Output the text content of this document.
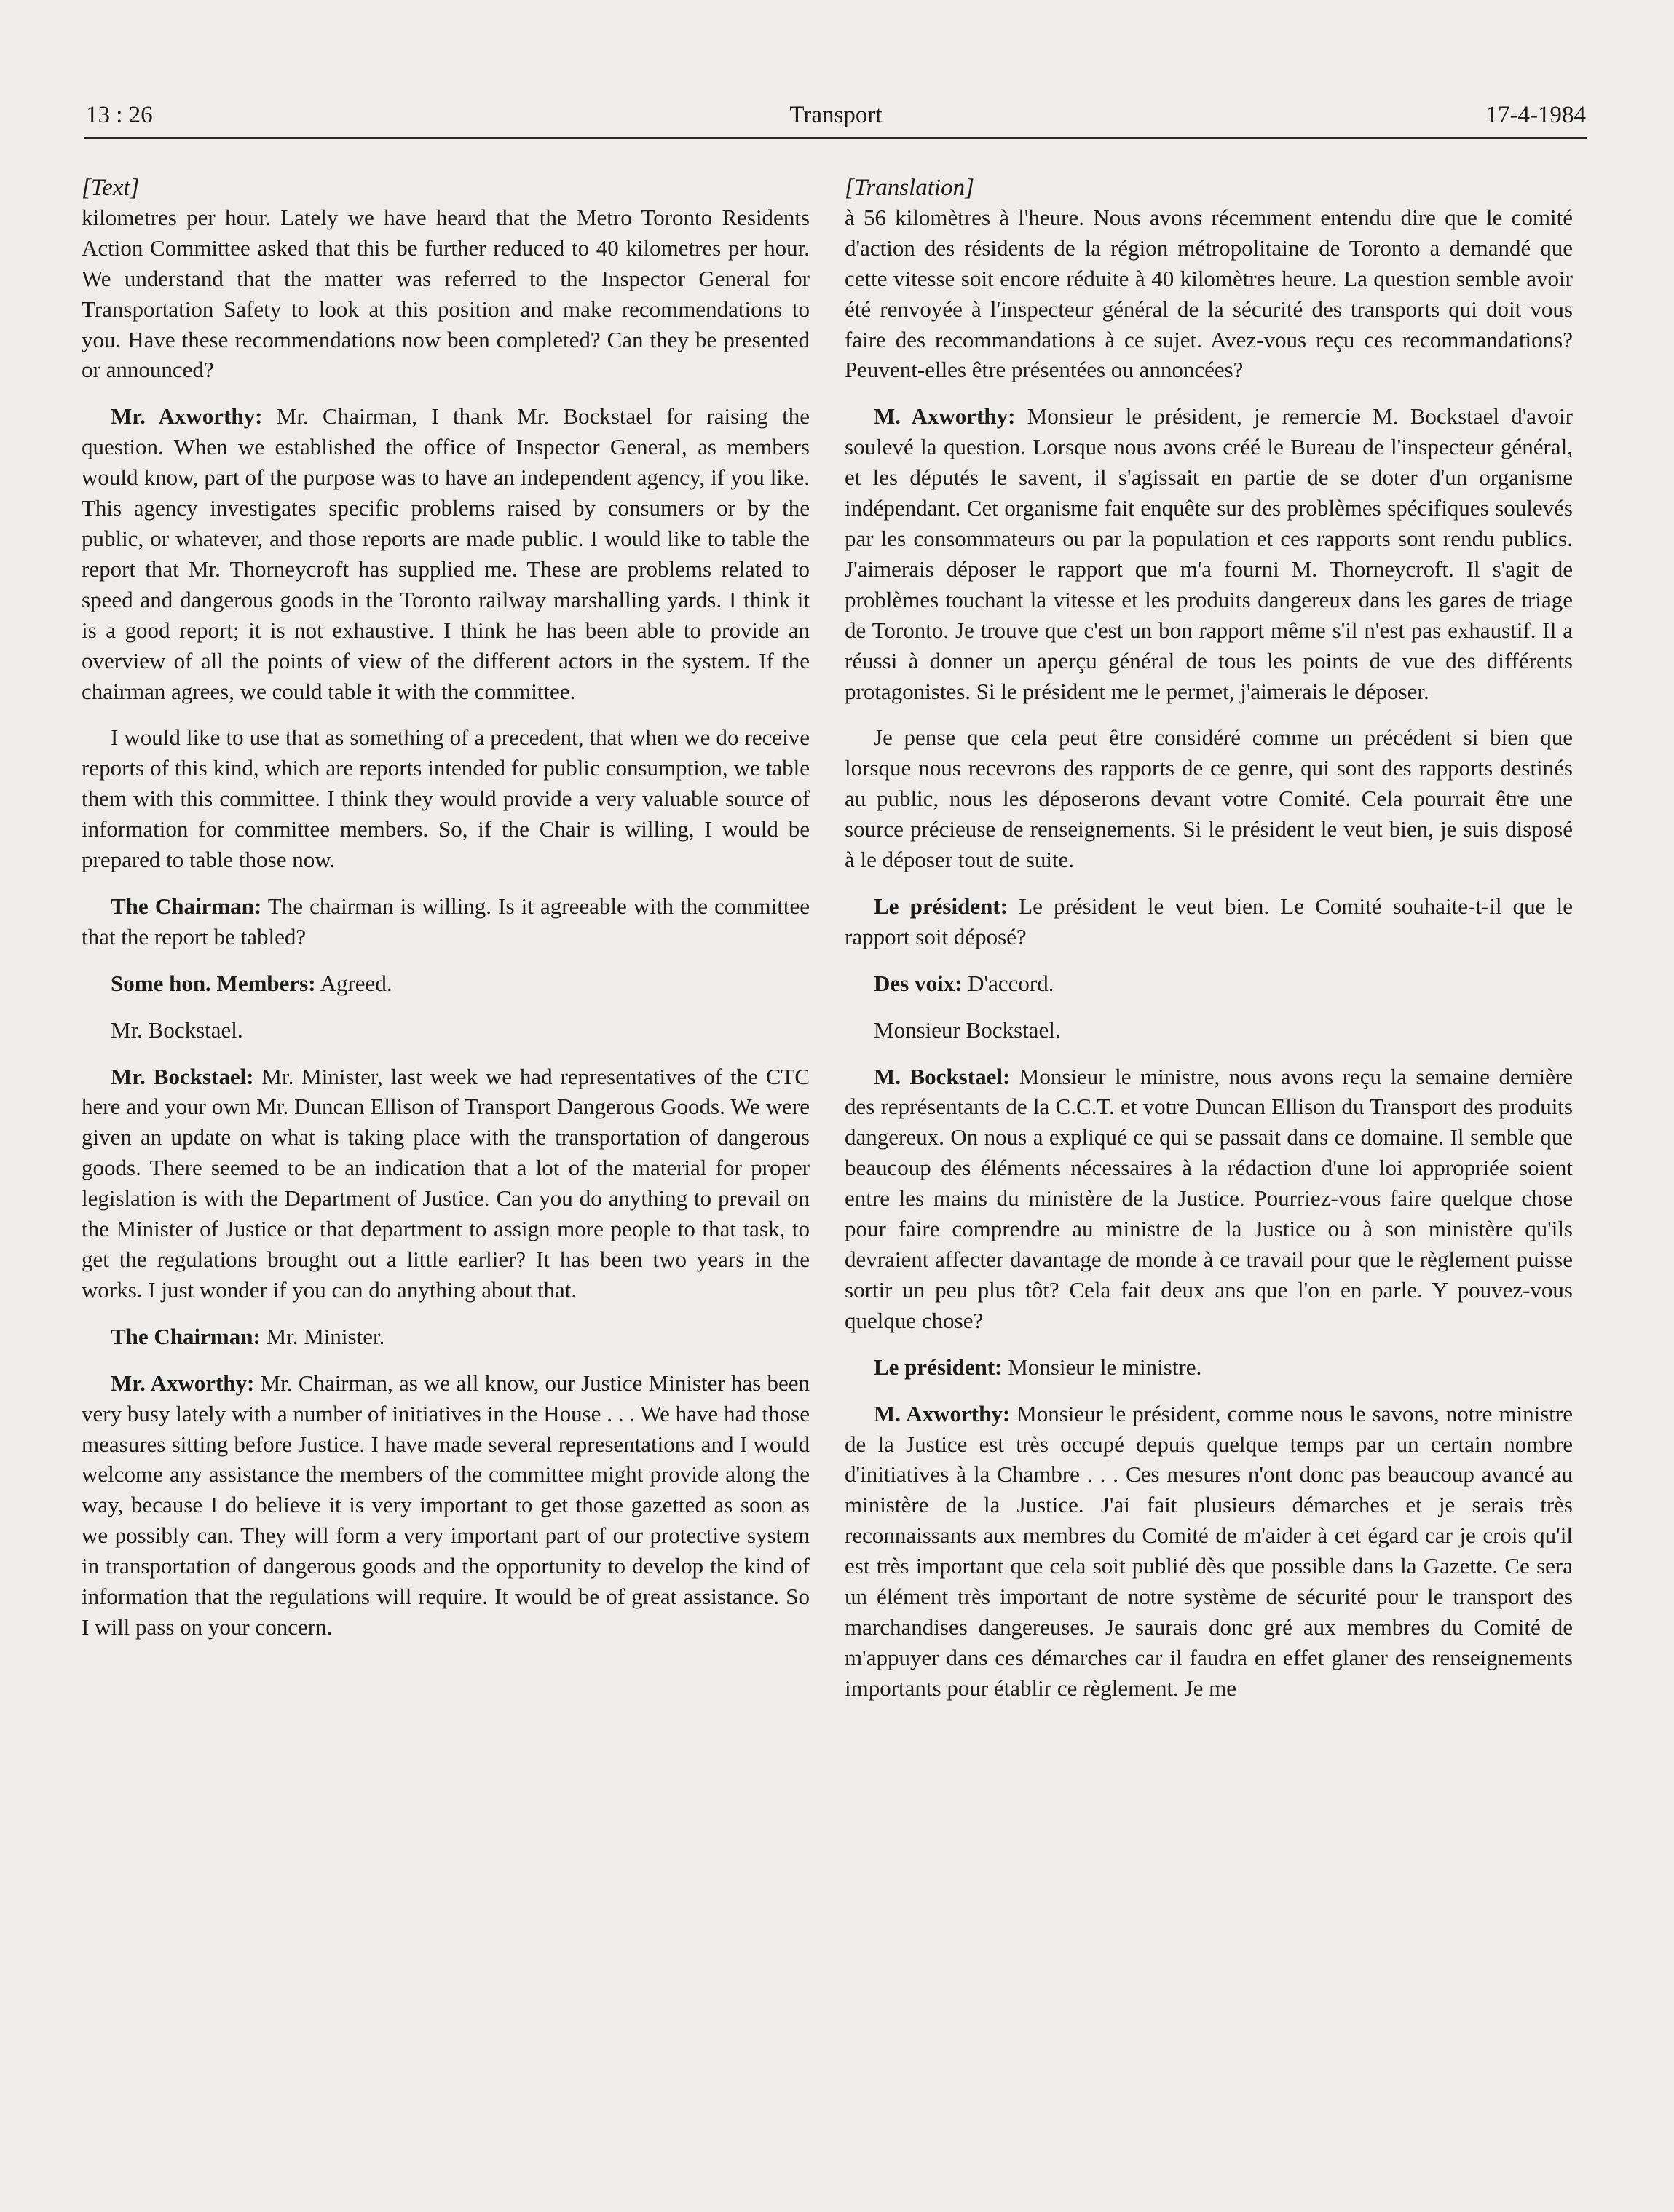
13 : 26	Transport	17-4-1984
[Text]

kilometres per hour. Lately we have heard that the Metro Toronto Residents Action Committee asked that this be further reduced to 40 kilometres per hour. We understand that the matter was referred to the Inspector General for Transportation Safety to look at this position and make recommendations to you. Have these recommendations now been completed? Can they be presented or announced?

Mr. Axworthy: Mr. Chairman, I thank Mr. Bockstael for raising the question. When we established the office of Inspector General, as members would know, part of the purpose was to have an independent agency, if you like. This agency investigates specific problems raised by consumers or by the public, or whatever, and those reports are made public. I would like to table the report that Mr. Thorneycroft has supplied me. These are problems related to speed and dangerous goods in the Toronto railway marshalling yards. I think it is a good report; it is not exhaustive. I think he has been able to provide an overview of all the points of view of the different actors in the system. If the chairman agrees, we could table it with the committee.

I would like to use that as something of a precedent, that when we do receive reports of this kind, which are reports intended for public consumption, we table them with this committee. I think they would provide a very valuable source of information for committee members. So, if the Chair is willing, I would be prepared to table those now.

The Chairman: The chairman is willing. Is it agreeable with the committee that the report be tabled?

Some hon. Members: Agreed.

Mr. Bockstael.

Mr. Bockstael: Mr. Minister, last week we had representatives of the CTC here and your own Mr. Duncan Ellison of Transport Dangerous Goods. We were given an update on what is taking place with the transportation of dangerous goods. There seemed to be an indication that a lot of the material for proper legislation is with the Department of Justice. Can you do anything to prevail on the Minister of Justice or that department to assign more people to that task, to get the regulations brought out a little earlier? It has been two years in the works. I just wonder if you can do anything about that.

The Chairman: Mr. Minister.

Mr. Axworthy: Mr. Chairman, as we all know, our Justice Minister has been very busy lately with a number of initiatives in the House . . . We have had those measures sitting before Justice. I have made several representations and I would welcome any assistance the members of the committee might provide along the way, because I do believe it is very important to get those gazetted as soon as we possibly can. They will form a very important part of our protective system in transportation of dangerous goods and the opportunity to develop the kind of information that the regulations will require. It would be of great assistance. So I will pass on your concern.

[Translation]

à 56 kilomètres à l'heure. Nous avons récemment entendu dire que le comité d'action des résidents de la région métropolitaine de Toronto a demandé que cette vitesse soit encore réduite à 40 kilomètres heure. La question semble avoir été renvoyée à l'inspecteur général de la sécurité des transports qui doit vous faire des recommandations à ce sujet. Avez-vous reçu ces recommandations? Peuvent-elles être présentées ou annoncées?

M. Axworthy: Monsieur le président, je remercie M. Bockstael d'avoir soulevé la question. Lorsque nous avons créé le Bureau de l'inspecteur général, et les députés le savent, il s'agissait en partie de se doter d'un organisme indépendant. Cet organisme fait enquête sur des problèmes spécifiques soulevés par les consommateurs ou par la population et ces rapports sont rendu publics. J'aimerais déposer le rapport que m'a fourni M. Thorneycroft. Il s'agit de problèmes touchant la vitesse et les produits dangereux dans les gares de triage de Toronto. Je trouve que c'est un bon rapport même s'il n'est pas exhaustif. Il a réussi à donner un aperçu général de tous les points de vue des différents protagonistes. Si le président me le permet, j'aimerais le déposer.

Je pense que cela peut être considéré comme un précédent si bien que lorsque nous recevrons des rapports de ce genre, qui sont des rapports destinés au public, nous les déposerons devant votre Comité. Cela pourrait être une source précieuse de renseignements. Si le président le veut bien, je suis disposé à le déposer tout de suite.

Le président: Le président le veut bien. Le Comité souhaite-t-il que le rapport soit déposé?

Des voix: D'accord.

Monsieur Bockstael.

M. Bockstael: Monsieur le ministre, nous avons reçu la semaine dernière des représentants de la C.C.T. et votre Duncan Ellison du Transport des produits dangereux. On nous a expliqué ce qui se passait dans ce domaine. Il semble que beaucoup des éléments nécessaires à la rédaction d'une loi appropriée soient entre les mains du ministère de la Justice. Pourriez-vous faire quelque chose pour faire comprendre au ministre de la Justice ou à son ministère qu'ils devraient affecter davantage de monde à ce travail pour que le règlement puisse sortir un peu plus tôt? Cela fait deux ans que l'on en parle. Y pouvez-vous quelque chose?

Le président: Monsieur le ministre.

M. Axworthy: Monsieur le président, comme nous le savons, notre ministre de la Justice est très occupé depuis quelque temps par un certain nombre d'initiatives à la Chambre . . . Ces mesures n'ont donc pas beaucoup avancé au ministère de la Justice. J'ai fait plusieurs démarches et je serais très reconnaissants aux membres du Comité de m'aider à cet égard car je crois qu'il est très important que cela soit publié dès que possible dans la Gazette. Ce sera un élément très important de notre système de sécurité pour le transport des marchandises dangereuses. Je saurais donc gré aux membres du Comité de m'appuyer dans ces démarches car il faudra en effet glaner des renseignements importants pour établir ce règlement. Je me
